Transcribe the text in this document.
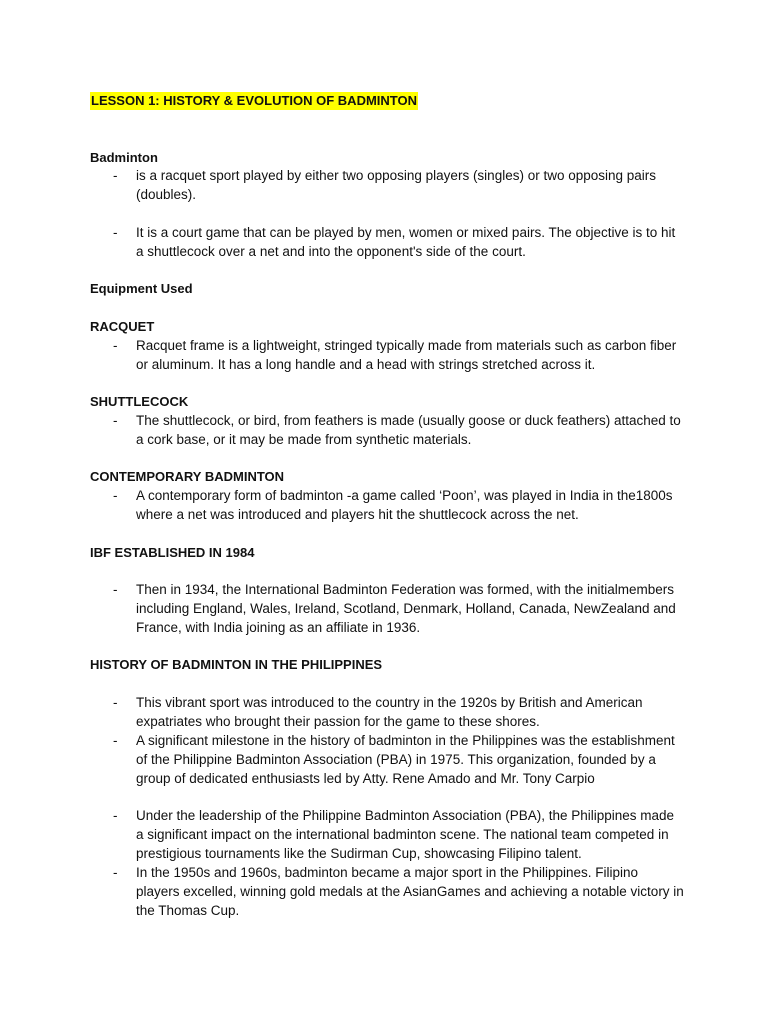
LESSON 1: HISTORY & EVOLUTION OF BADMINTON
Badminton
- is a racquet sport played by either two opposing players (singles) or two opposing pairs (doubles).
- It is a court game that can be played by men, women or mixed pairs. The objective is to hit a shuttlecock over a net and into the opponent's side of the court.
Equipment Used
RACQUET
- Racquet frame is a lightweight, stringed typically made from materials such as carbon fiber or aluminum. It has a long handle and a head with strings stretched across it.
SHUTTLECOCK
- The shuttlecock, or bird, from feathers is made (usually goose or duck feathers) attached to a cork base, or it may be made from synthetic materials.
CONTEMPORARY BADMINTON
- A contemporary form of badminton -a game called ‘Poon’, was played in India in the1800s where a net was introduced and players hit the shuttlecock across the net.
IBF ESTABLISHED IN 1984
- Then in 1934, the International Badminton Federation was formed, with the initialmembers including England, Wales, Ireland, Scotland, Denmark, Holland, Canada, NewZealand and France, with India joining as an affiliate in 1936.
HISTORY OF BADMINTON IN THE PHILIPPINES
- This vibrant sport was introduced to the country in the 1920s by British and American expatriates who brought their passion for the game to these shores.
- A significant milestone in the history of badminton in the Philippines was the establishment of the Philippine Badminton Association (PBA) in 1975. This organization, founded by a group of dedicated enthusiasts led by Atty. Rene Amado and Mr. Tony Carpio
- Under the leadership of the Philippine Badminton Association (PBA), the Philippines made a significant impact on the international badminton scene. The national team competed in prestigious tournaments like the Sudirman Cup, showcasing Filipino talent.
- In the 1950s and 1960s, badminton became a major sport in the Philippines. Filipino players excelled, winning gold medals at the AsianGames and achieving a notable victory in the Thomas Cup.
